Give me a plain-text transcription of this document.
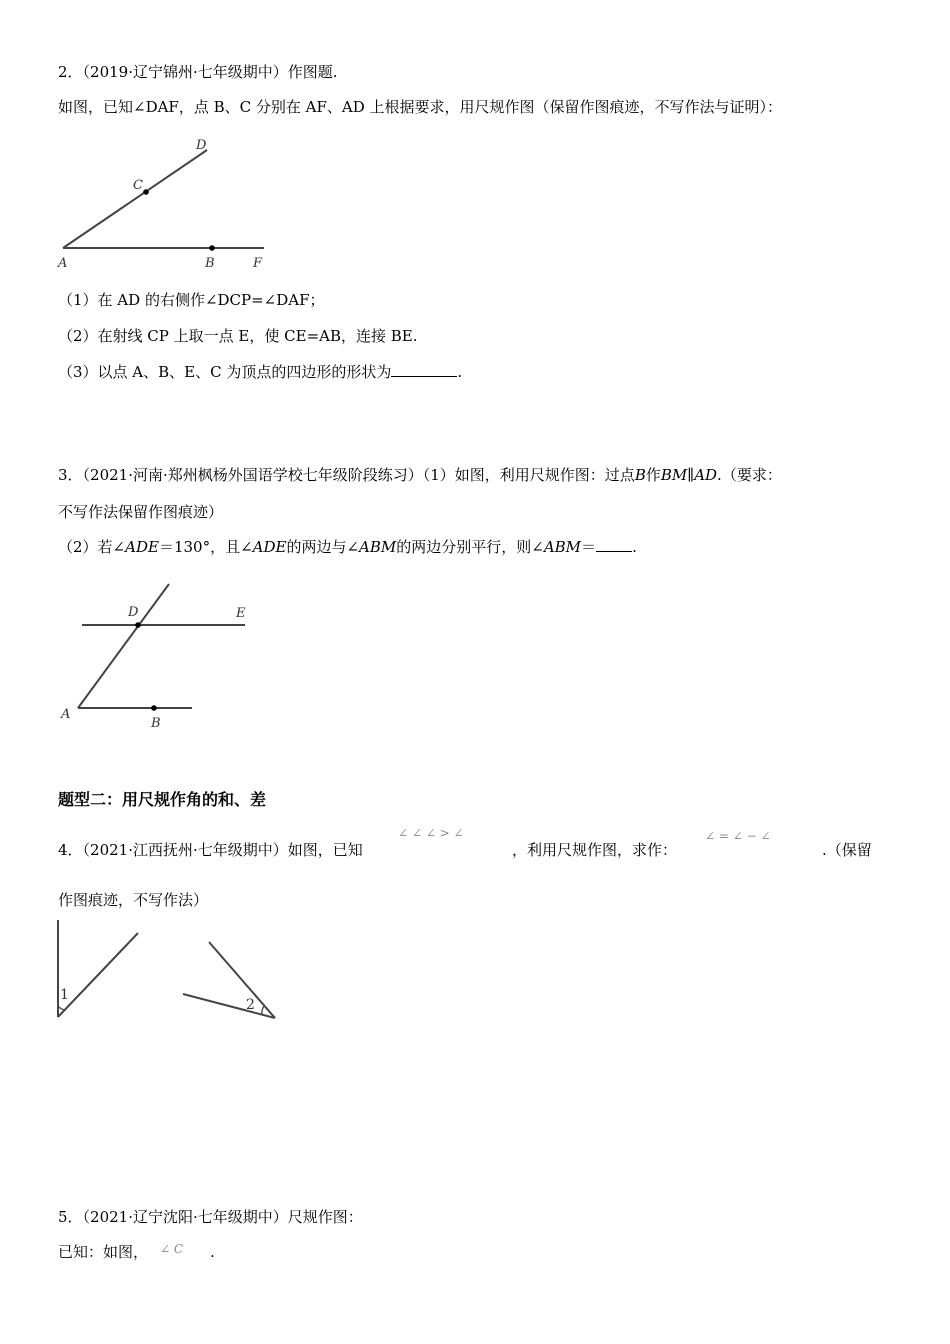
2．（2019·辽宁锦州·七年级期中）作图题.
如图，已知∠DAF，点 B、C 分别在 AF、AD 上根据要求，用尺规作图（保留作图痕迹，不写作法与证明）：
D
C
A	B	F
（1）在 AD 的右侧作∠DCP=∠DAF；
（2）在射线 CP 上取一点 E，使 CE=AB，连接 BE.
（3）以点 A、B、E、C 为顶点的四边形的形状为	.
3．（2021·河南·郑州枫杨外国语学校七年级阶段练习）（1）如图，利用尺规作图：过点B作BM∥AD.（要求：
不写作法保留作图痕迹）
（2）若∠ADE＝130°，且∠ADE的两边与∠ABM的两边分别平行，则∠ABM＝ .
D	E
A
B
题型二：用尺规作角的和、差
4．（2021·江西抚州·七年级期中）如图，已知
∠ ∠ ∠ > ∠
，利用尺规作图，求作：
∠ = ∠ − ∠
.（保留
作图痕迹，不写作法）
1
2
5．（2021·辽宁沈阳·七年级期中）尺规作图：
已知：如图， ∠ C .
